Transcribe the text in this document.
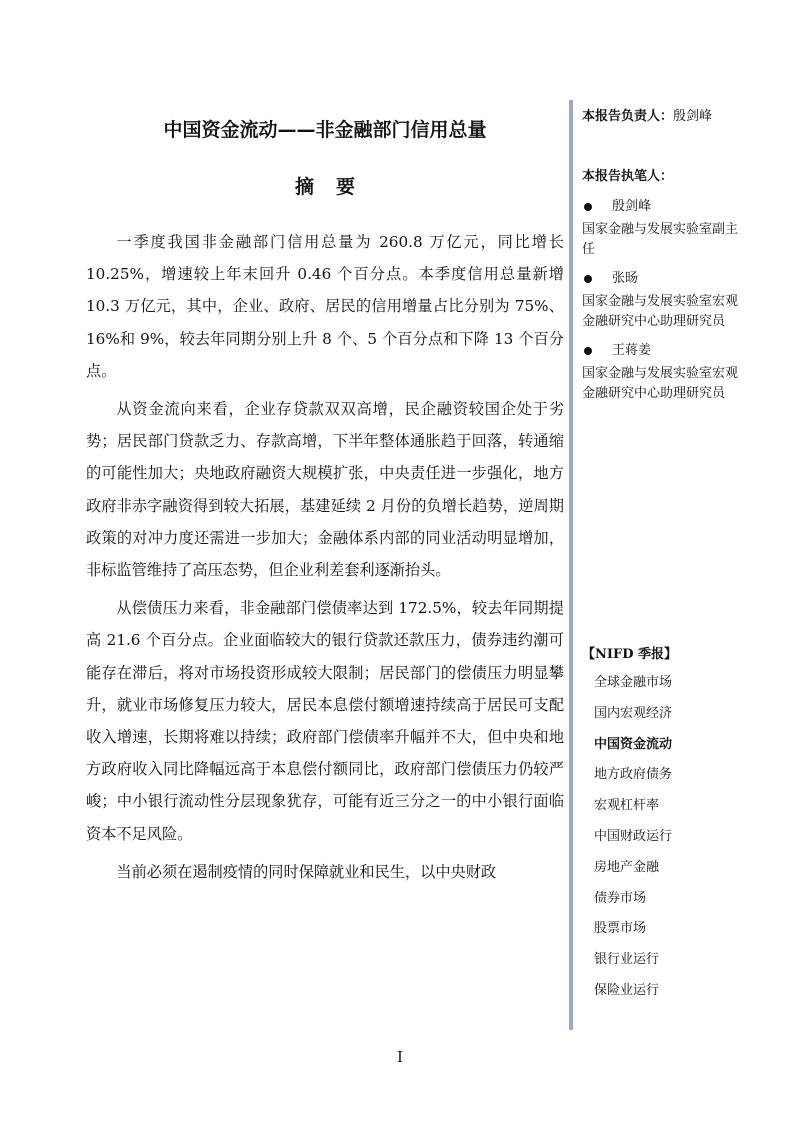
中国资金流动——非金融部门信用总量
摘要

一季度我国非金融部门信用总量为 260.8 万亿元，同比增长 10.25%，增速较上年末回升 0.46 个百分点。本季度信用总量新增 10.3 万亿元，其中，企业、政府、居民的信用增量占比分别为 75%、16%和 9%，较去年同期分别上升 8 个、5 个百分点和下降 13 个百分点。

从资金流向来看，企业存贷款双双高增，民企融资较国企处于劣势；居民部门贷款乏力、存款高增，下半年整体通胀趋于回落，转通缩的可能性加大；央地政府融资大规模扩张，中央责任进一步强化，地方政府非赤字融资得到较大拓展，基建延续 2 月份的负增长趋势，逆周期政策的对冲力度还需进一步加大；金融体系内部的同业活动明显增加，非标监管维持了高压态势，但企业利差套利逐渐抬头。

从偿债压力来看，非金融部门偿债率达到 172.5%，较去年同期提高 21.6 个百分点。企业面临较大的银行贷款还款压力，债券违约潮可能存在滞后，将对市场投资形成较大限制；居民部门的偿债压力明显攀升，就业市场修复压力较大，居民本息偿付额增速持续高于居民可支配收入增速，长期将难以持续；政府部门偿债率升幅并不大，但中央和地方政府收入同比降幅远高于本息偿付额同比，政府部门偿债压力仍较严峻；中小银行流动性分层现象犹存，可能有近三分之一的中小银行面临资本不足风险。

当前必须在遏制疫情的同时保障就业和民生，以中央财政

本报告负责人：殷剑峰
本报告执笔人：
殷剑峰
国家金融与发展实验室副主任
张旸
国家金融与发展实验室宏观金融研究中心助理研究员
王蒋姜
国家金融与发展实验室宏观金融研究中心助理研究员
【NIFD 季报】
全球金融市场
国内宏观经济
中国资金流动
地方政府债务
宏观杠杆率
中国财政运行
房地产金融
债券市场
股票市场
银行业运行
保险业运行
I
